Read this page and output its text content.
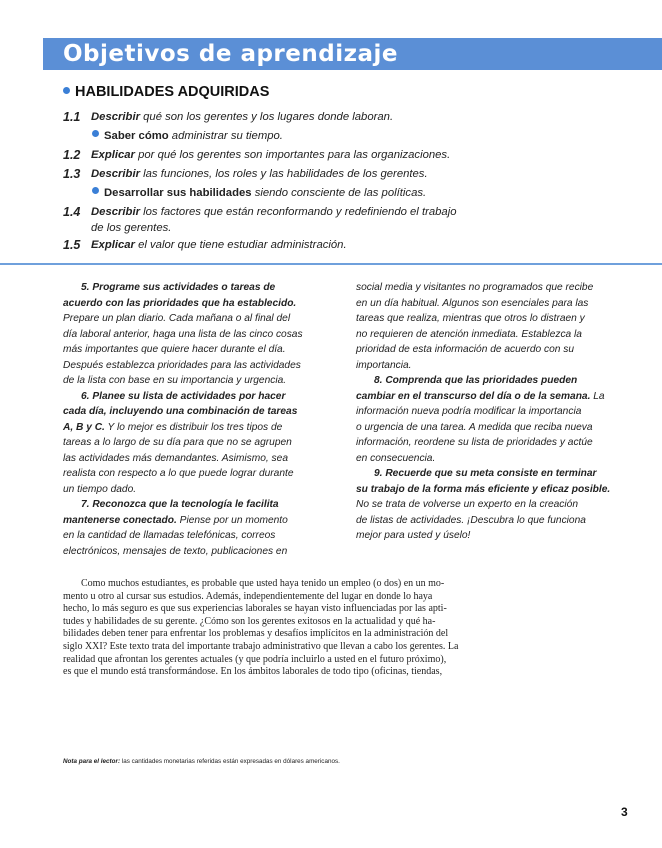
Objetivos de aprendizaje
HABILIDADES ADQUIRIDAS
1.1 Describir qué son los gerentes y los lugares donde laboran.
Saber cómo administrar su tiempo.
1.2 Explicar por qué los gerentes son importantes para las organizaciones.
1.3 Describir las funciones, los roles y las habilidades de los gerentes.
Desarrollar sus habilidades siendo consciente de las políticas.
1.4 Describir los factores que están reconformando y redefiniendo el trabajo
de los gerentes.
1.5 Explicar el valor que tiene estudiar administración.
5. Programe sus actividades o tareas de
acuerdo con las prioridades que ha establecido.
Prepare un plan diario. Cada mañana o al final del
día laboral anterior, haga una lista de las cinco cosas
más importantes que quiere hacer durante el día.
Después establezca prioridades para las actividades
de la lista con base en su importancia y urgencia.
6. Planee su lista de actividades por hacer
cada día, incluyendo una combinación de tareas
A, B y C. Y lo mejor es distribuir los tres tipos de
tareas a lo largo de su día para que no se agrupen
las actividades más demandantes. Asimismo, sea
realista con respecto a lo que puede lograr durante
un tiempo dado.
7. Reconozca que la tecnología le facilita
mantenerse conectado. Piense por un momento
en la cantidad de llamadas telefónicas, correos
electrónicos, mensajes de texto, publicaciones en
social media y visitantes no programados que recibe
en un día habitual. Algunos son esenciales para las
tareas que realiza, mientras que otros lo distraen y
no requieren de atención inmediata. Establezca la
prioridad de esta información de acuerdo con su
importancia.
8. Comprenda que las prioridades pueden
cambiar en el transcurso del día o de la semana. La
información nueva podría modificar la importancia
o urgencia de una tarea. A medida que reciba nueva
información, reordene su lista de prioridades y actúe
en consecuencia.
9. Recuerde que su meta consiste en terminar
su trabajo de la forma más eficiente y eficaz posible.
No se trata de volverse un experto en la creación
de listas de actividades. ¡Descubra lo que funciona
mejor para usted y úselo!
Como muchos estudiantes, es probable que usted haya tenido un empleo (o dos) en un mo-
mento u otro al cursar sus estudios. Además, independientemente del lugar en donde lo haya
hecho, lo más seguro es que sus experiencias laborales se hayan visto influenciadas por las apti-
tudes y habilidades de su gerente. ¿Cómo son los gerentes exitosos en la actualidad y qué ha-
bilidades deben tener para enfrentar los problemas y desafíos implícitos en la administración del
siglo XXI? Este texto trata del importante trabajo administrativo que llevan a cabo los gerentes. La
realidad que afrontan los gerentes actuales (y que podría incluirlo a usted en el futuro próximo),
es que el mundo está transformándose. En los ámbitos laborales de todo tipo (oficinas, tiendas,
Nota para el lector: las cantidades monetarias referidas están expresadas en dólares americanos.
3
